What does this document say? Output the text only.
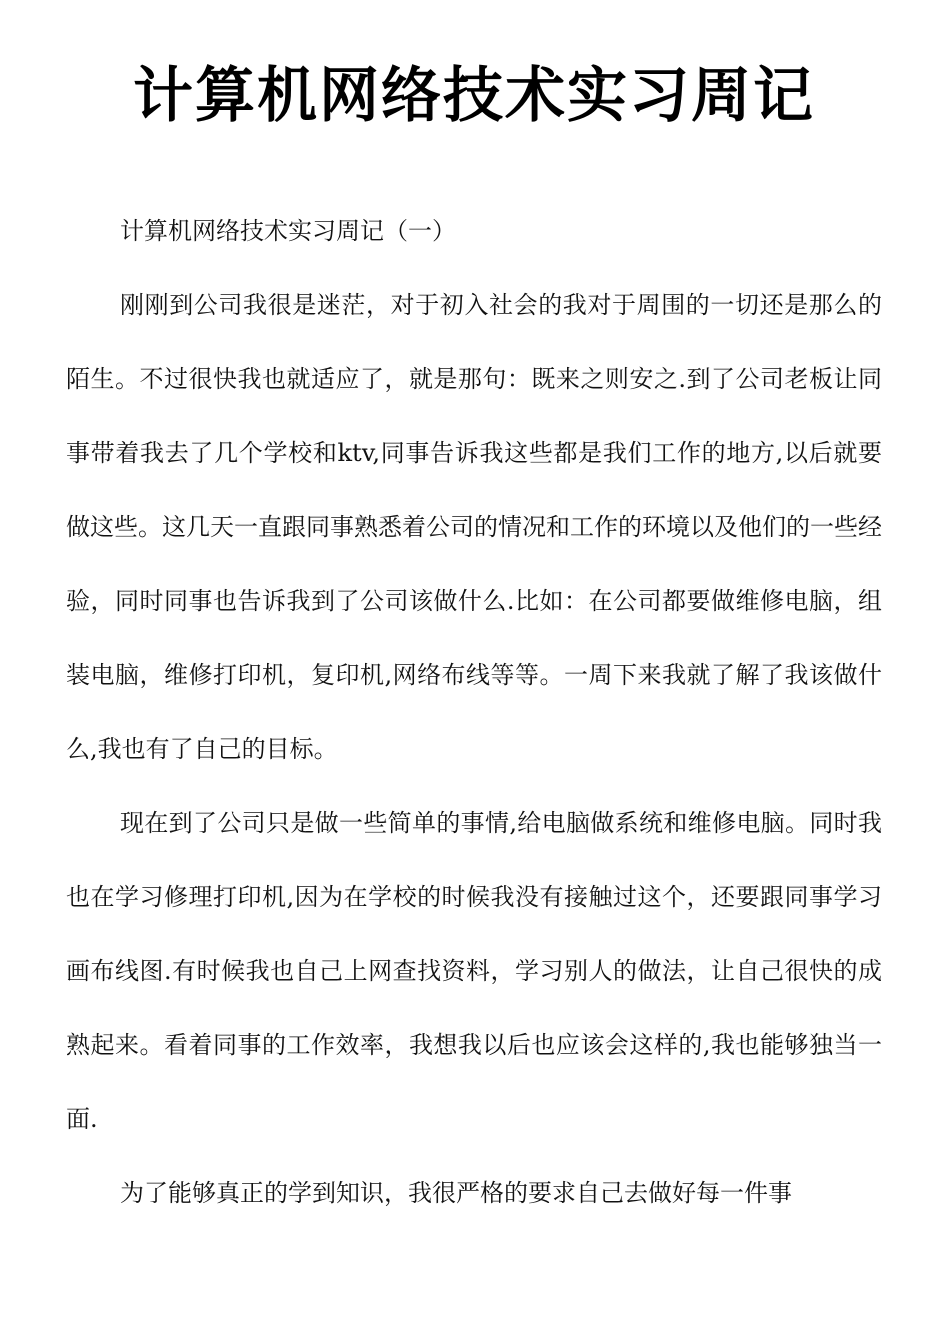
计算机网络技术实习周记

计算机网络技术实习周记（一）

刚刚到公司我很是迷茫，对于初入社会的我对于周围的一切还是那么的陌生。不过很快我也就适应了，就是那句：既来之则安之.到了公司老板让同事带着我去了几个学校和ktv,同事告诉我这些都是我们工作的地方,以后就要做这些。这几天一直跟同事熟悉着公司的情况和工作的环境以及他们的一些经验，同时同事也告诉我到了公司该做什么.比如：在公司都要做维修电脑，组装电脑，维修打印机，复印机,网络布线等等。一周下来我就了解了我该做什么,我也有了自己的目标。

现在到了公司只是做一些简单的事情,给电脑做系统和维修电脑。同时我也在学习修理打印机,因为在学校的时候我没有接触过这个，还要跟同事学习画布线图.有时候我也自己上网查找资料，学习别人的做法，让自己很快的成熟起来。看着同事的工作效率，我想我以后也应该会这样的,我也能够独当一面.

为了能够真正的学到知识，我很严格的要求自己去做好每一件事
